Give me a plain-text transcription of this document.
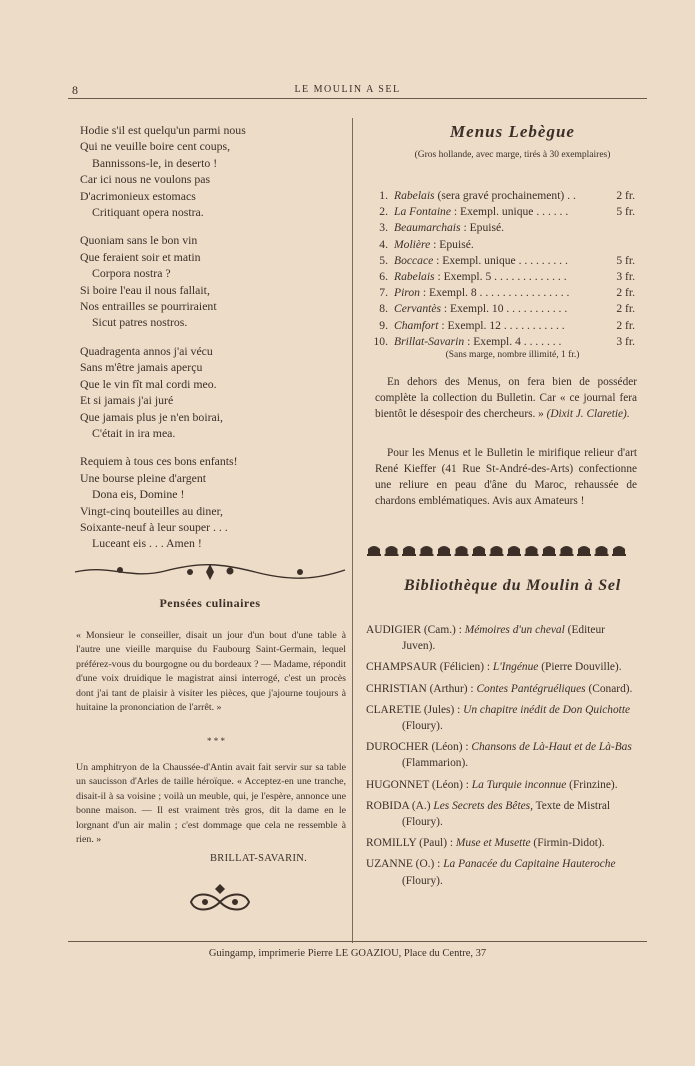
8	LE MOULIN A SEL
Hodie s'il est quelqu'un parmi nous
Qui ne veuille boire cent coups,
Bannissons-le, in deserto !
Car ici nous ne voulons pas
D'acrimonieux estomacs
Critiquant opera nostra.
Quoniam sans le bon vin
Que feraient soir et matin
Corpora nostra ?
Si boire l'eau il nous fallait,
Nos entrailles se pourriraient
Sicut patres nostros.
Quadragenta annos j'ai vécu
Sans m'être jamais aperçu
Que le vin fît mal cordi meo.
Et si jamais j'ai juré
Que jamais plus je n'en boirai,
C'était in ira mea.
Requiem à tous ces bons enfants!
Une bourse pleine d'argent
Dona eis, Domine !
Vingt-cinq bouteilles au diner,
Soixante-neuf à leur souper . . .
Luceant eis . . . Amen !
Pensées culinaires
« Monsieur le conseiller, disait un jour d'un bout d'une table à l'autre une vieille marquise du Faubourg Saint-Germain, lequel préférez-vous du bourgogne ou du bordeaux ? — Madame, répondit d'une voix druidique le magistrat ainsi interrogé, c'est un procès dont j'ai tant de plaisir à visiter les pièces, que j'ajourne toujours à huitaine la prononciation de l'arrêt. »
* * *
Un amphitryon de la Chaussée-d'Antin avait fait servir sur sa table un saucisson d'Arles de taille héroïque. « Acceptez-en une tranche, disait-il à sa voisine ; voilà un meuble, qui, je l'espère, annonce une bonne maison. — Il est vraiment très gros, dit la dame en le lorgnant d'un air malin ; c'est dommage que cela ne ressemble à rien. »
BRILLAT-SAVARIN.
Menus Lebègue
(Gros hollande, avec marge, tirés à 30 exemplaires)
1. Rabelais (sera gravé prochainement) . .	2 fr.
2. La Fontaine : Exempl. unique . . . . . .	5 fr.
3. Beaumarchais : Epuisé.
4. Molière : Epuisé.
5. Boccace : Exempl. unique . . . . . . . . .	5 fr.
6. Rabelais : Exempl. 5 . . . . . . . . . . . . .	3 fr.
7. Piron : Exempl. 8 . . . . . . . . . . . . . . . .	2 fr.
8. Cervantès : Exempl. 10 . . . . . . . . . . .	2 fr.
9. Chamfort : Exempl. 12 . . . . . . . . . . .	2 fr.
10. Brillat-Savarin : Exempl. 4 . . . . . . .	3 fr.
(Sans marge, nombre illimité, 1 fr.)
En dehors des Menus, on fera bien de posséder complète la collection du Bulletin. Car « ce journal fera bientôt le désespoir des chercheurs. » (Dixit J. Claretie).
Pour les Menus et le Bulletin le mirifique relieur d'art René Kieffer (41 Rue St-André-des-Arts) confectionne une reliure en peau d'âne du Maroc, rehaussée de chardons emblématiques. Avis aux Amateurs !
Bibliothèque du Moulin à Sel
AUDIGIER (Cam.) : Mémoires d'un cheval (Editeur Juven).
CHAMPSAUR (Félicien) : L'Ingénue (Pierre Douville).
CHRISTIAN (Arthur) : Contes Pantégruéliques (Conard).
CLARETIE (Jules) : Un chapitre inédit de Don Quichotte (Floury).
DUROCHER (Léon) : Chansons de Là-Haut et de Là-Bas (Flammarion).
HUGONNET (Léon) : La Turquie inconnue (Frinzine).
ROBIDA (A.) Les Secrets des Bêtes, Texte de Mistral (Floury).
ROMILLY (Paul) : Muse et Musette (Firmin-Didot).
UZANNE (O.) : La Panacée du Capitaine Hauteroche (Floury).
Guingamp, imprimerie Pierre LE GOAZIOU, Place du Centre, 37
